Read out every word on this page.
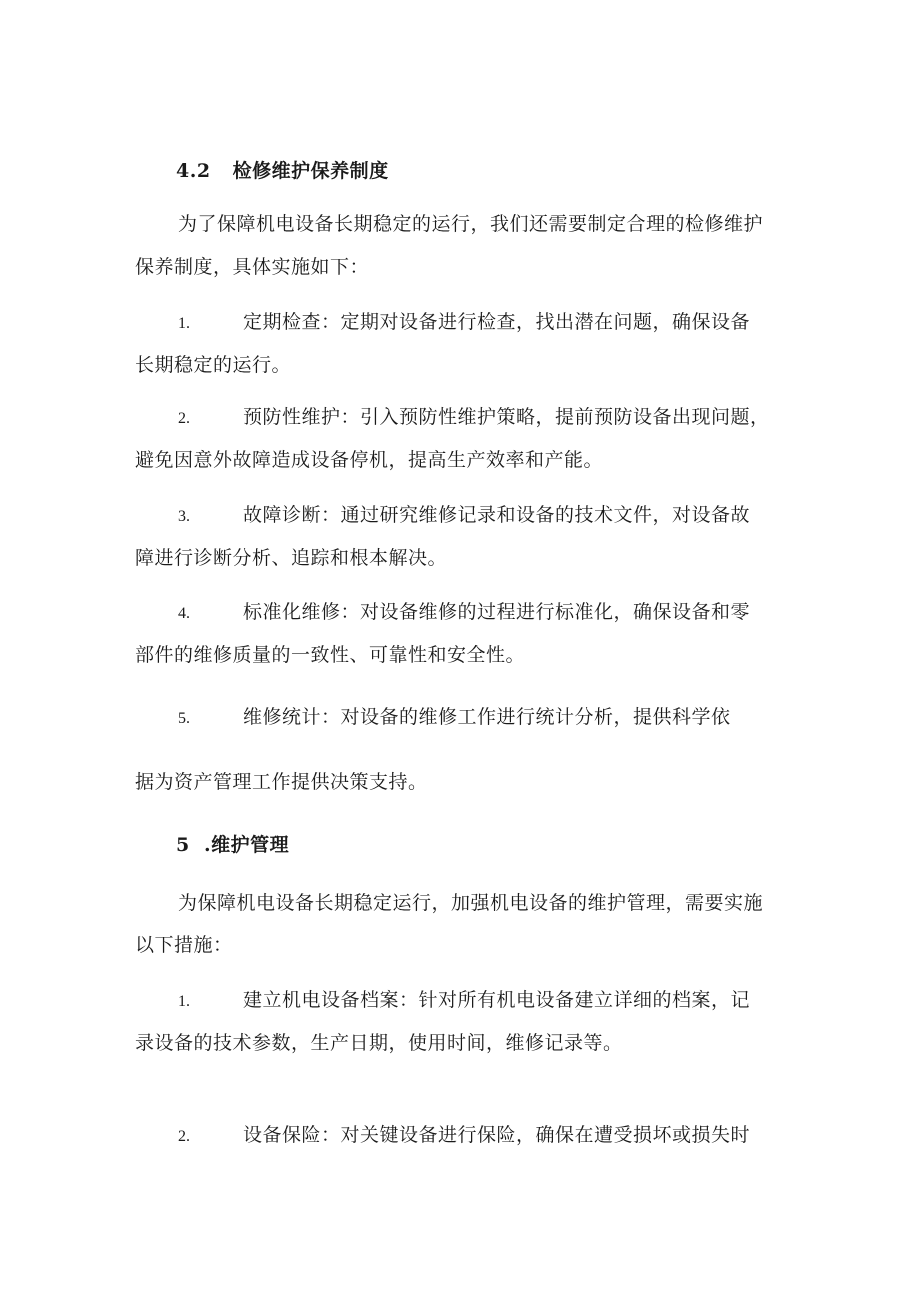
4.2 检修维护保养制度
为了保障机电设备长期稳定的运行，我们还需要制定合理的检修维护
保养制度，具体实施如下：
1.	定期检查：定期对设备进行检查，找出潜在问题，确保设备
长期稳定的运行。
2.	预防性维护：引入预防性维护策略，提前预防设备出现问题，
避免因意外故障造成设备停机，提高生产效率和产能。
3.	故障诊断：通过研究维修记录和设备的技术文件，对设备故
障进行诊断分析、追踪和根本解决。
4.	标准化维修：对设备维修的过程进行标准化，确保设备和零
部件的维修质量的一致性、可靠性和安全性。
5.	维修统计：对设备的维修工作进行统计分析，提供科学依
据为资产管理工作提供决策支持。
5  .维护管理
为保障机电设备长期稳定运行，加强机电设备的维护管理，需要实施
以下措施：
1.	建立机电设备档案：针对所有机电设备建立详细的档案，记
录设备的技术参数，生产日期，使用时间，维修记录等。
2.	设备保险：对关键设备进行保险，确保在遭受损坏或损失时
